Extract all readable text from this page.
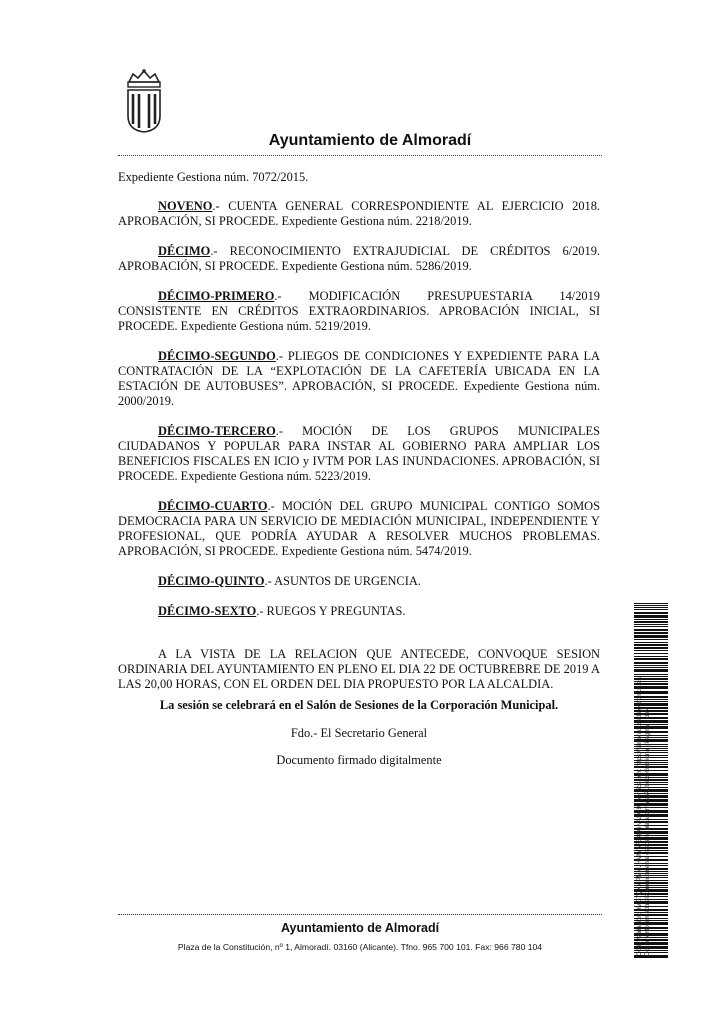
Ayuntamiento de Almoradí

Expediente Gestiona núm. 7072/2015.

NOVENO.- CUENTA GENERAL CORRESPONDIENTE AL EJERCICIO 2018. APROBACIÓN, SI PROCEDE. Expediente Gestiona núm. 2218/2019.

DÉCIMO.- RECONOCIMIENTO EXTRAJUDICIAL DE CRÉDITOS 6/2019. APROBACIÓN, SI PROCEDE. Expediente Gestiona núm. 5286/2019.

DÉCIMO-PRIMERO.- MODIFICACIÓN PRESUPUESTARIA 14/2019 CONSISTENTE EN CRÉDITOS EXTRAORDINARIOS. APROBACIÓN INICIAL, SI PROCEDE. Expediente Gestiona núm. 5219/2019.

DÉCIMO-SEGUNDO.- PLIEGOS DE CONDICIONES Y EXPEDIENTE PARA LA CONTRATACIÓN DE LA “EXPLOTACIÓN DE LA CAFETERÍA UBICADA EN LA ESTACIÓN DE AUTOBUSES”. APROBACIÓN, SI PROCEDE. Expediente Gestiona núm. 2000/2019.

DÉCIMO-TERCERO.- MOCIÓN DE LOS GRUPOS MUNICIPALES CIUDADANOS Y POPULAR PARA INSTAR AL GOBIERNO PARA AMPLIAR LOS BENEFICIOS FISCALES EN ICIO y IVTM POR LAS INUNDACIONES. APROBACIÓN, SI PROCEDE. Expediente Gestiona núm. 5223/2019.

DÉCIMO-CUARTO.- MOCIÓN DEL GRUPO MUNICIPAL CONTIGO SOMOS DEMOCRACIA PARA UN SERVICIO DE MEDIACIÓN MUNICIPAL, INDEPENDIENTE Y PROFESIONAL, QUE PODRÍA AYUDAR A RESOLVER MUCHOS PROBLEMAS. APROBACIÓN, SI PROCEDE. Expediente Gestiona núm. 5474/2019.

DÉCIMO-QUINTO.- ASUNTOS DE URGENCIA.

DÉCIMO-SEXTO.- RUEGOS Y PREGUNTAS.

A LA VISTA DE LA RELACION QUE ANTECEDE, CONVOQUE SESION ORDINARIA DEL AYUNTAMIENTO EN PLENO EL DIA 22 DE OCTUBREBRE DE 2019 A LAS 20,00 HORAS, CON EL ORDEN DEL DIA PROPUESTO POR LA ALCALDIA.

La sesión se celebrará en el Salón de Sesiones de la Corporación Municipal.

Fdo.- El Secretario General

Documento firmado digitalmente

Ayuntamiento de Almoradí
Plaza de la Constitución, nº 1, Almoradí. 03160 (Alicante). Tfno. 965 700 101. Fax: 966 780 104	Cód. Validación: 9MD7QXMPMMJHMW5F5XEGNASG9 | Verificación: https://almoradi.sedelectronica.es/ Documento firmado electrónicamente desde la plataforma esPublico Gestiona | Página 2 de 4
